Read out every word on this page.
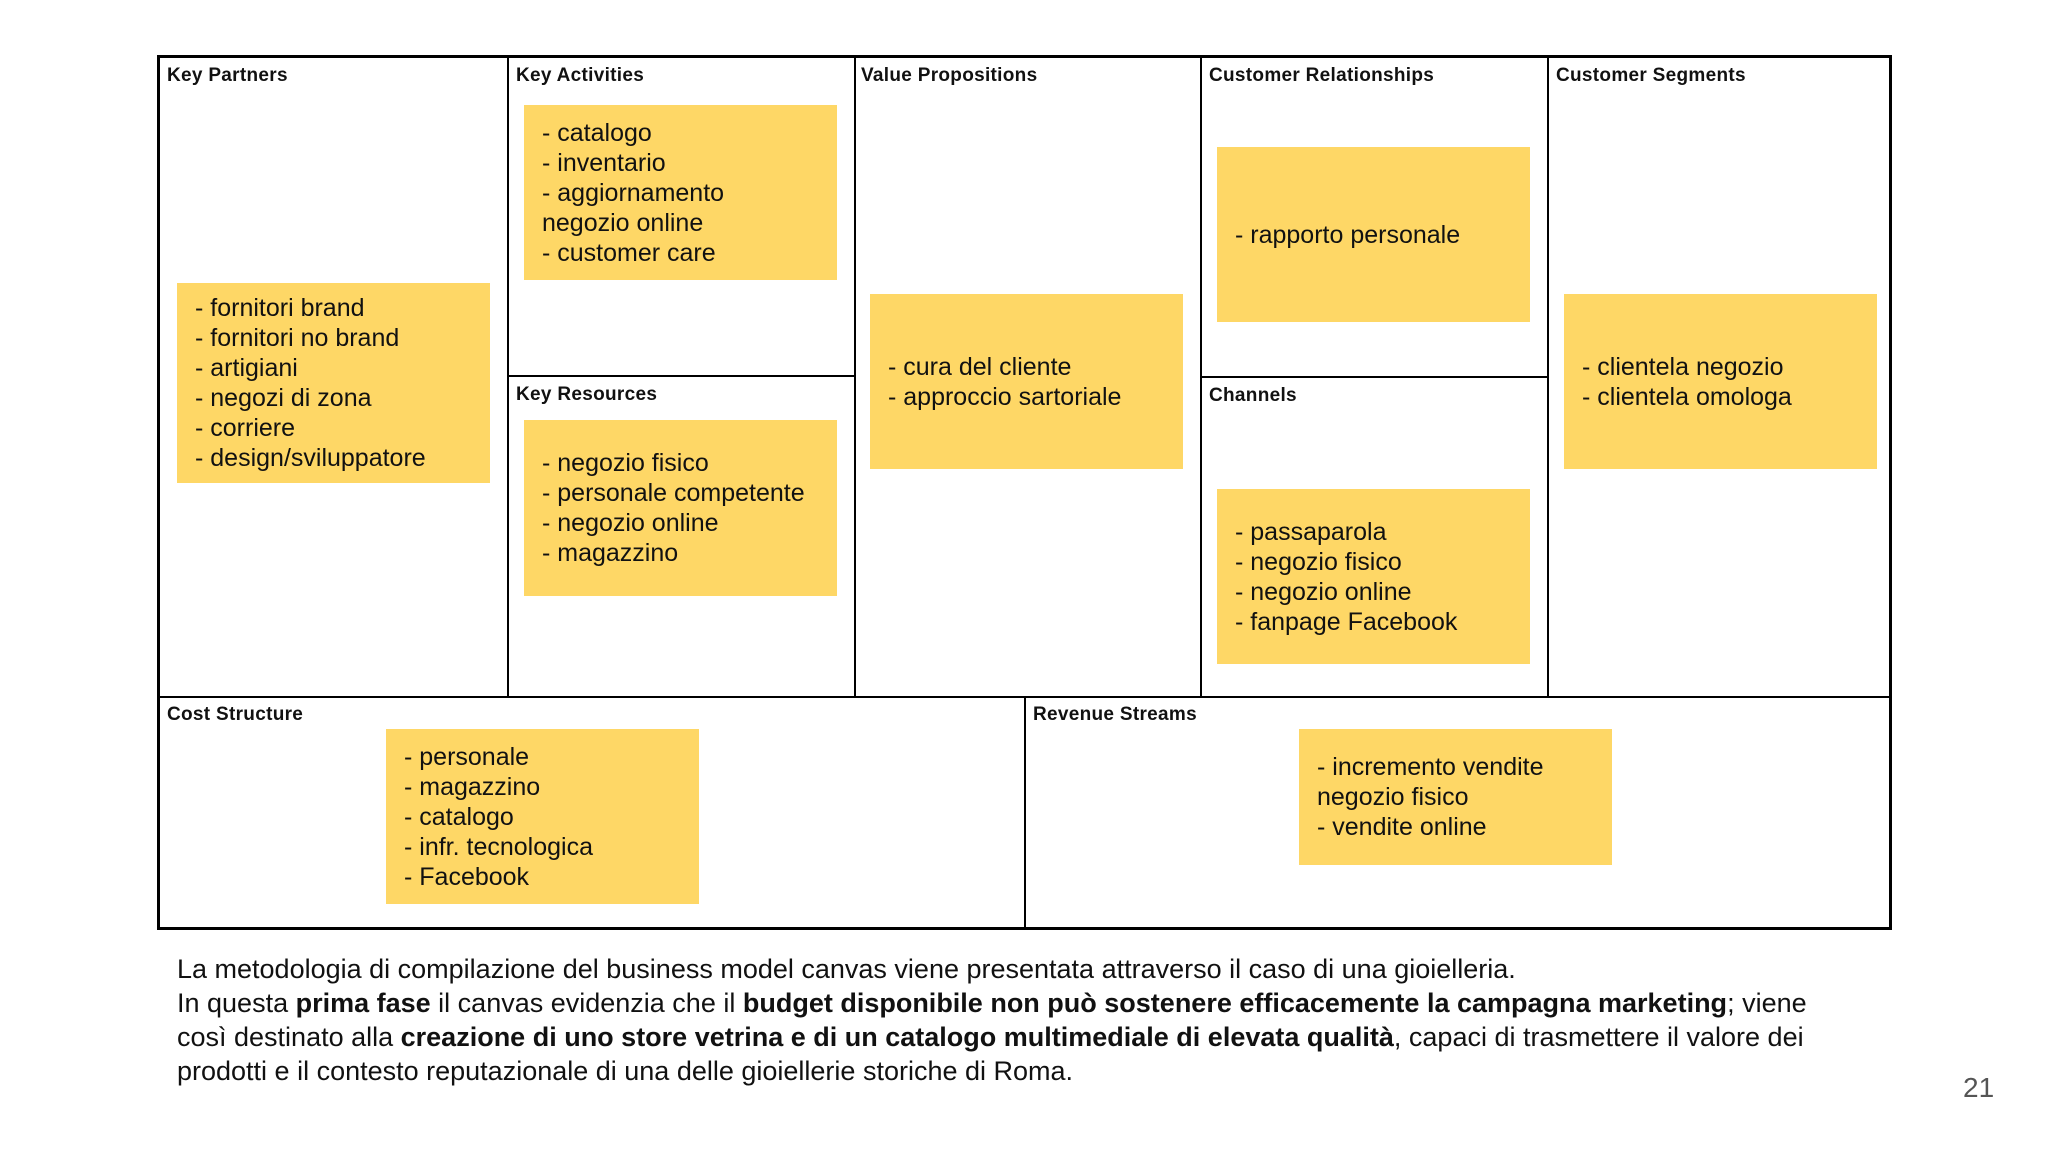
Key Partners	Key Activities
Key Resources
Value Propositions	Customer Relationships
Channels
Customer Segments
Cost Structure	Revenue Streams
- fornitori brand
- fornitori no brand
- artigiani
- negozi di zona
- corriere
- design/sviluppatore
- catalogo
- inventario
- aggiornamento
negozio online
- customer care
- negozio fisico
- personale competente
- negozio online
- magazzino
- cura del cliente
- approccio sartoriale
- rapporto personale
- passaparola
- negozio fisico
- negozio online
- fanpage Facebook
- clientela negozio
- clientela omologa
- personale
- magazzino
- catalogo
- infr. tecnologica
- Facebook
- incremento vendite
negozio fisico
- vendite online
La metodologia di compilazione del business model canvas viene presentata attraverso il caso di una gioielleria.
In questa prima fase il canvas evidenzia che il budget disponibile non può sostenere efficacemente la campagna marketing; viene
così destinato alla creazione di uno store vetrina e di un catalogo multimediale di elevata qualità, capaci di trasmettere il valore dei
prodotti e il contesto reputazionale di una delle gioiellerie storiche di Roma.
21
